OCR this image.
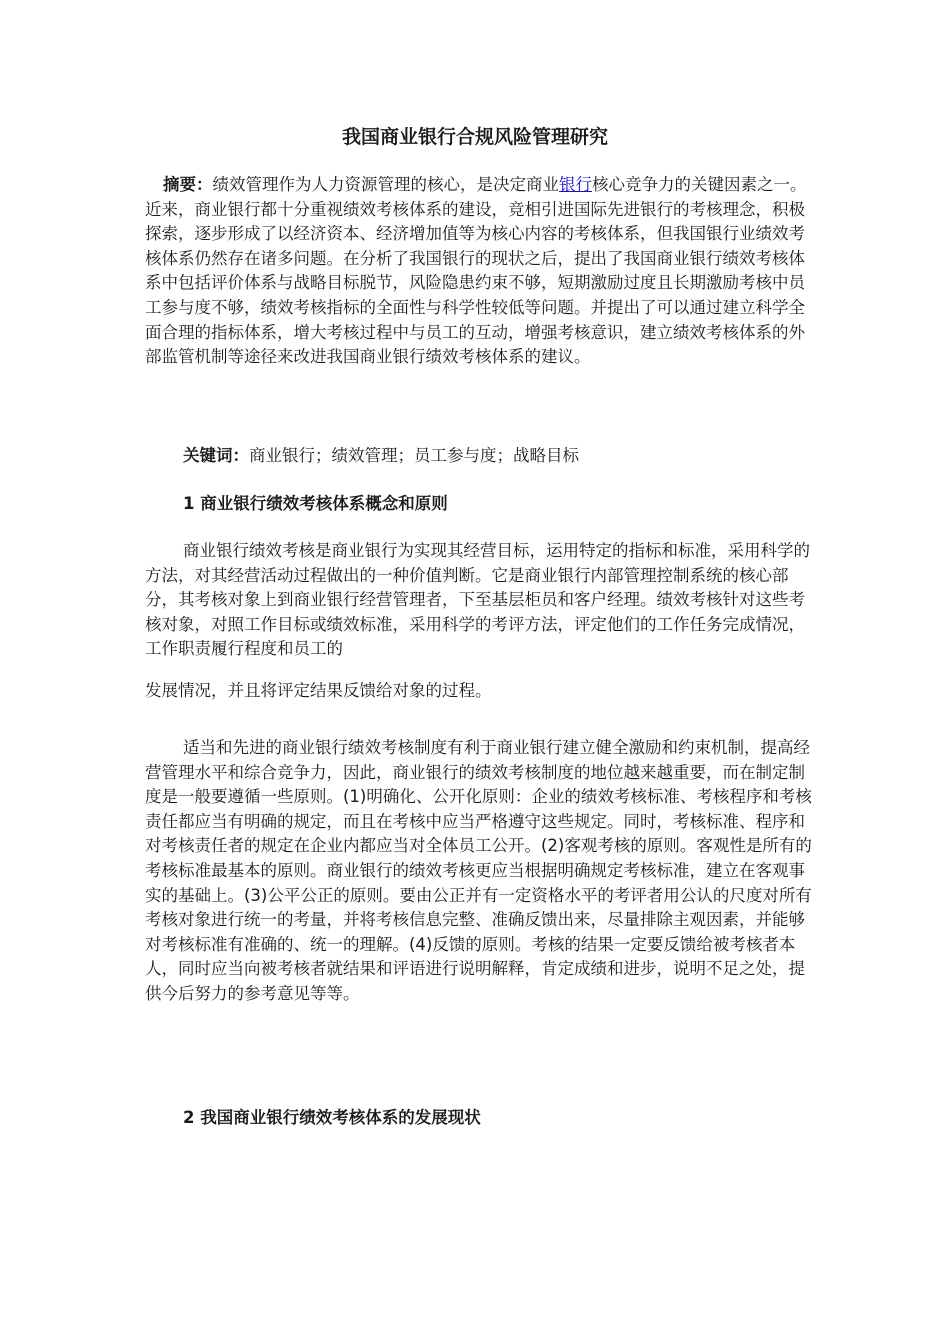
我国商业银行合规风险管理研究

摘要：绩效管理作为人力资源管理的核心，是决定商业银行核心竞争力的关键因素之一。近来，商业银行都十分重视绩效考核体系的建设，竞相引进国际先进银行的考核理念，积极探索，逐步形成了以经济资本、经济增加值等为核心内容的考核体系，但我国银行业绩效考核体系仍然存在诸多问题。在分析了我国银行的现状之后，提出了我国商业银行绩效考核体系中包括评价体系与战略目标脱节，风险隐患约束不够，短期激励过度且长期激励考核中员工参与度不够，绩效考核指标的全面性与科学性较低等问题。并提出了可以通过建立科学全面合理的指标体系，增大考核过程中与员工的互动，增强考核意识，建立绩效考核体系的外部监管机制等途径来改进我国商业银行绩效考核体系的建议。

关键词：商业银行；绩效管理；员工参与度；战略目标
1 商业银行绩效考核体系概念和原则

商业银行绩效考核是商业银行为实现其经营目标，运用特定的指标和标准，采用科学的方法，对其经营活动过程做出的一种价值判断。它是商业银行内部管理控制系统的核心部分，其考核对象上到商业银行经营管理者，下至基层柜员和客户经理。绩效考核针对这些考核对象，对照工作目标或绩效标准，采用科学的考评方法，评定他们的工作任务完成情况，工作职责履行程度和员工的

发展情况，并且将评定结果反馈给对象的过程。

适当和先进的商业银行绩效考核制度有利于商业银行建立健全激励和约束机制，提高经营管理水平和综合竞争力，因此，商业银行的绩效考核制度的地位越来越重要，而在制定制度是一般要遵循一些原则。(1)明确化、公开化原则：企业的绩效考核标准、考核程序和考核责任都应当有明确的规定，而且在考核中应当严格遵守这些规定。同时，考核标准、程序和对考核责任者的规定在企业内都应当对全体员工公开。(2)客观考核的原则。客观性是所有的考核标准最基本的原则。商业银行的绩效考核更应当根据明确规定考核标准，建立在客观事实的基础上。(3)公平公正的原则。要由公正并有一定资格水平的考评者用公认的尺度对所有考核对象进行统一的考量，并将考核信息完整、准确反馈出来，尽量排除主观因素，并能够对考核标准有准确的、统一的理解。(4)反馈的原则。考核的结果一定要反馈给被考核者本人，同时应当向被考核者就结果和评语进行说明解释，肯定成绩和进步，说明不足之处，提供今后努力的参考意见等等。

2 我国商业银行绩效考核体系的发展现状
